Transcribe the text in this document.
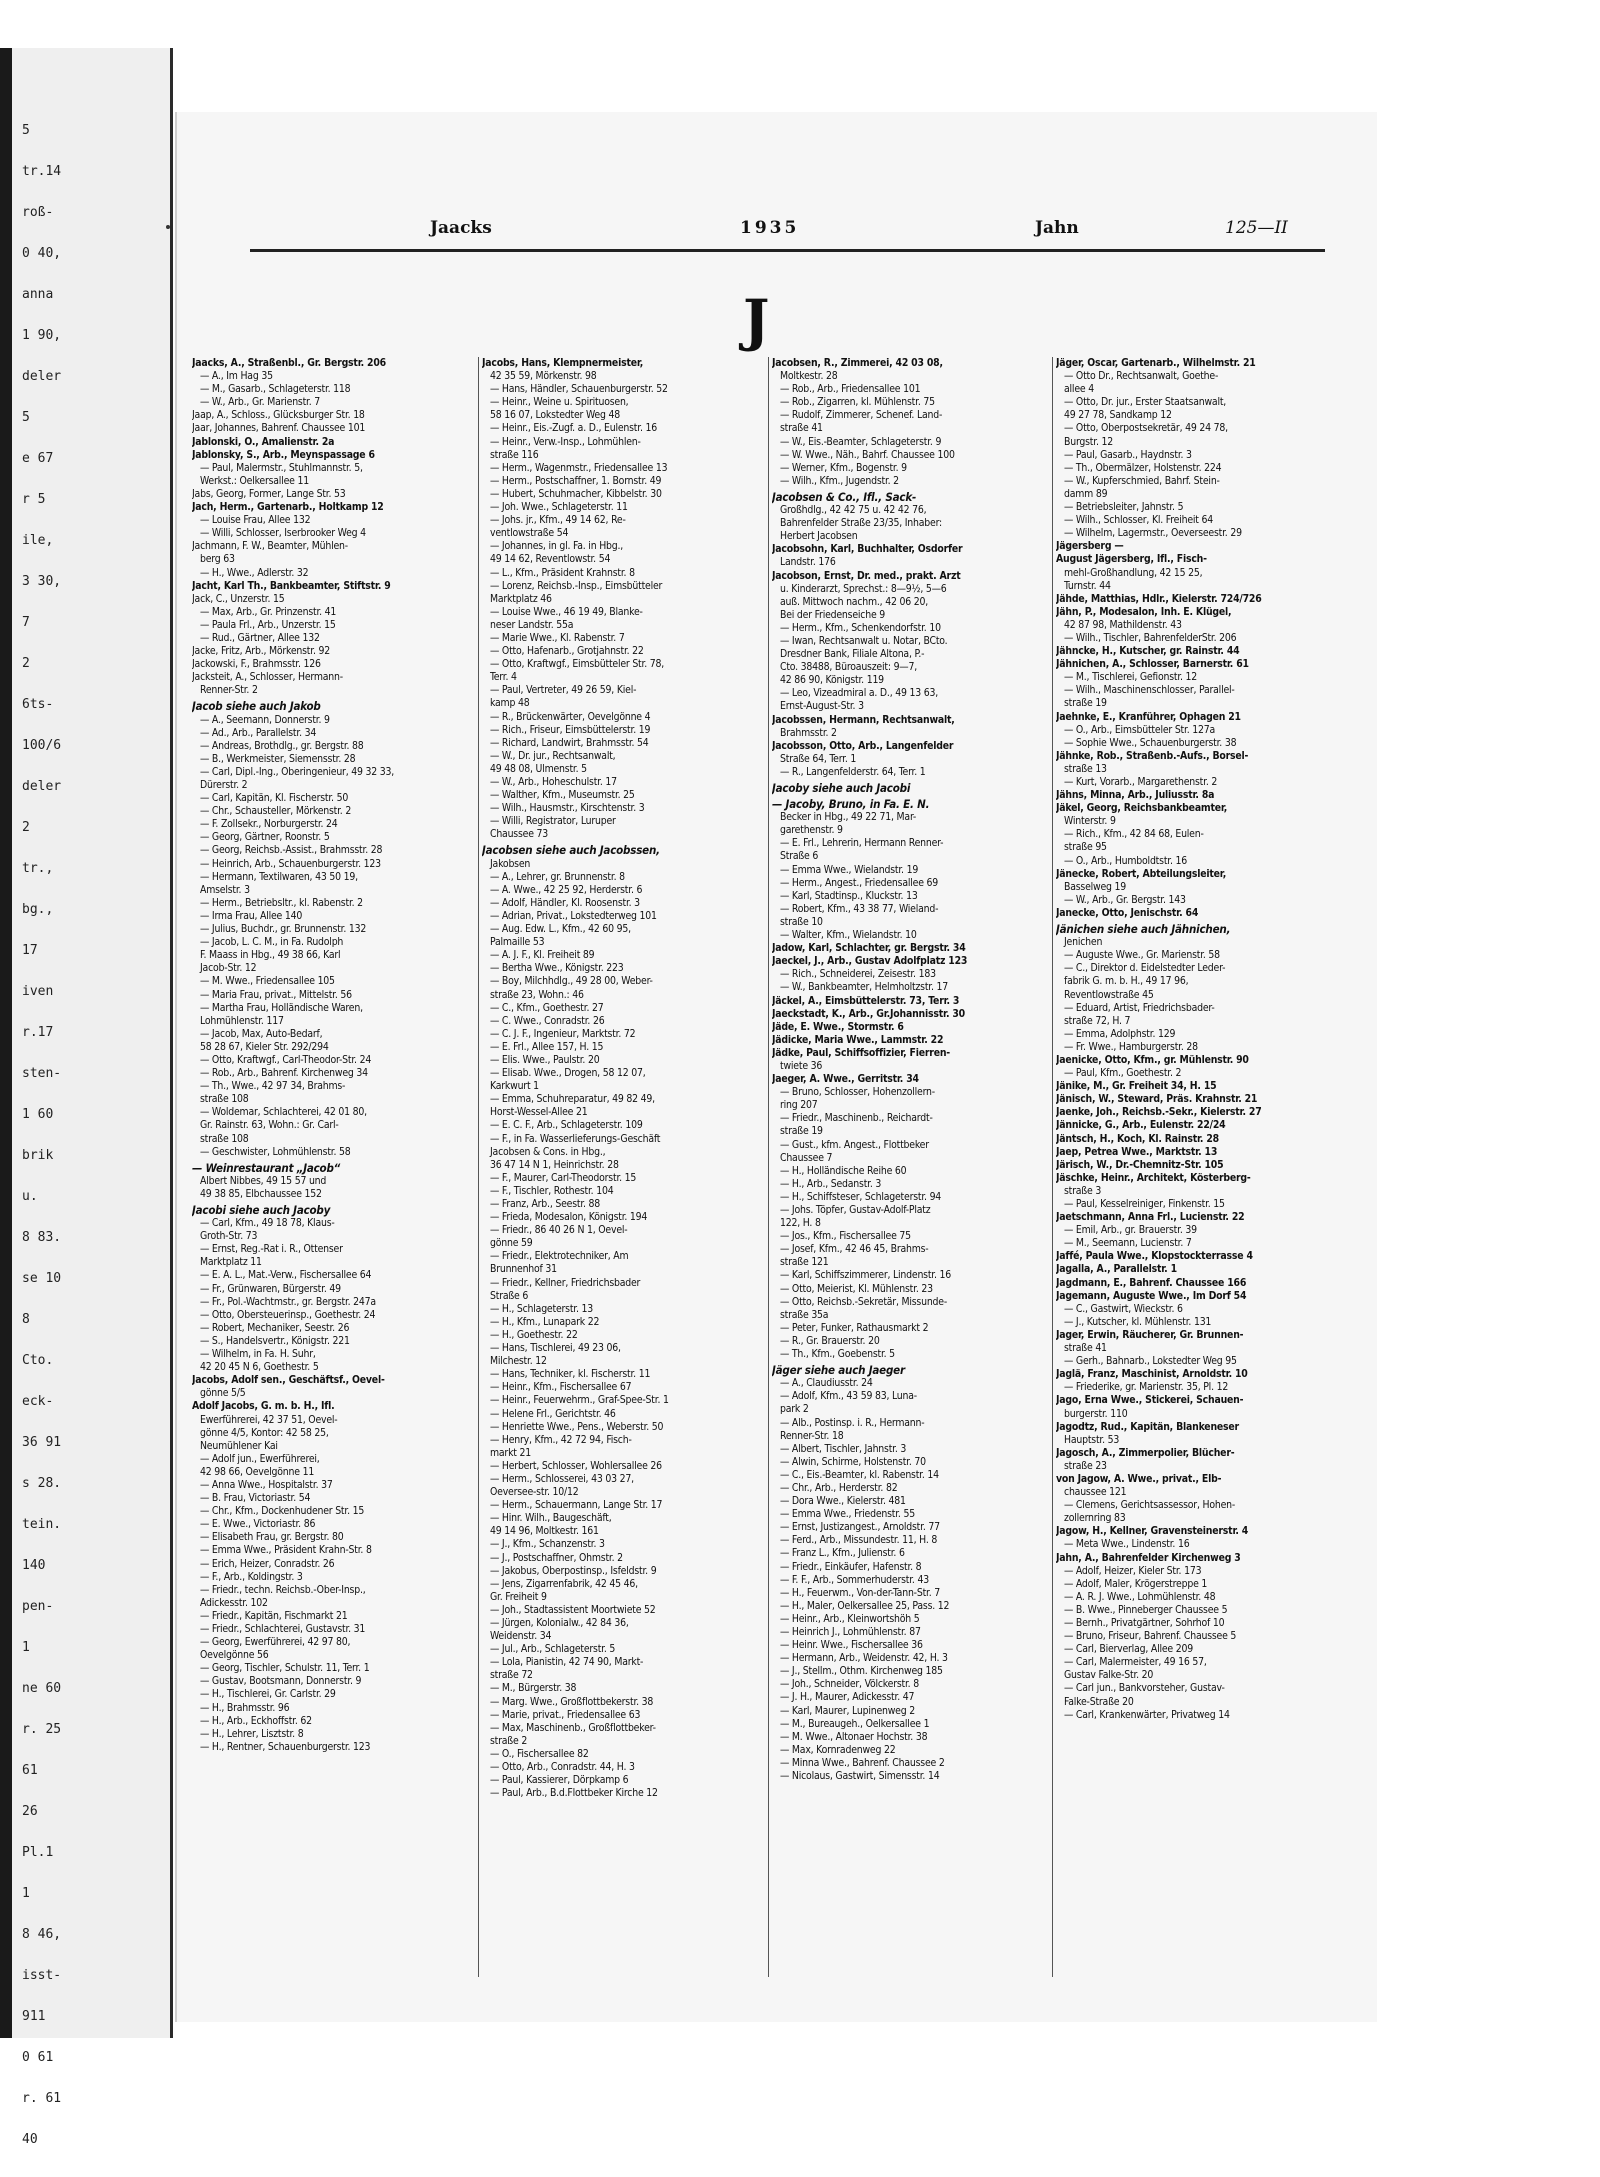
5
tr.14
roß-
0 40,
anna
1 90,
deler
5
e 67
r 5
ile,
3 30,
7
2
6ts-
100/6
deler
2
tr.,
bg.,
17
iven
r.17
sten-
1 60
brik
u.
8 83.
se 10
8
Cto.
eck-
36 91
s 28.
tein.
140
pen-
1
ne 60
r. 25
61
26
Pl.1
1
8 46,
isst-
911
0 61
r. 61
40
Jaacks	1935	Jahn	125—II
J
Jaacks, A., Straßenbl., Gr. Bergstr. 206
— A., Im Hag 35
— M., Gasarb., Schlageterstr. 118
— W., Arb., Gr. Marienstr. 7
Jaap, A., Schloss., Glücksburger Str. 18
Jaar, Johannes, Bahrenf. Chaussee 101
Jablonski, O., Amalienstr. 2a
Jablonsky, S., Arb., Meynspassage 6
— Paul, Malermstr., Stuhlmannstr. 5,
Werkst.: Oelkersallee 11
Jabs, Georg, Former, Lange Str. 53
Jach, Herm., Gartenarb., Holtkamp 12
— Louise Frau, Allee 132
— Willi, Schlosser, Iserbrooker Weg 4
Jachmann, F. W., Beamter, Mühlen-
berg 63
— H., Wwe., Adlerstr. 32
Jacht, Karl Th., Bankbeamter, Stiftstr. 9
Jack, C., Unzerstr. 15
— Max, Arb., Gr. Prinzenstr. 41
— Paula Frl., Arb., Unzerstr. 15
— Rud., Gärtner, Allee 132
Jacke, Fritz, Arb., Mörkenstr. 92
Jackowski, F., Brahmsstr. 126
Jacksteit, A., Schlosser, Hermann-
Renner-Str. 2
Jacob siehe auch Jakob
— A., Seemann, Donnerstr. 9
— Ad., Arb., Parallelstr. 34
— Andreas, Brothdlg., gr. Bergstr. 88
— B., Werkmeister, Siemensstr. 28
— Carl, Dipl.-Ing., Oberingenieur, 49 32 33,
Dürerstr. 2
— Carl, Kapitän, Kl. Fischerstr. 50
— Chr., Schausteller, Mörkenstr. 2
— F. Zollsekr., Norburgerstr. 24
— Georg, Gärtner, Roonstr. 5
— Georg, Reichsb.-Assist., Brahmsstr. 28
— Heinrich, Arb., Schauenburgerstr. 123
— Hermann, Textilwaren, 43 50 19,
Amselstr. 3
— Herm., Betriebsltr., kl. Rabenstr. 2
— Irma Frau, Allee 140
— Julius, Buchdr., gr. Brunnenstr. 132
— Jacob, L. C. M., in Fa. Rudolph
F. Maass in Hbg., 49 38 66, Karl
Jacob-Str. 12
— M. Wwe., Friedensallee 105
— Maria Frau, privat., Mittelstr. 56
— Martha Frau, Holländische Waren,
Lohmühlenstr. 117
— Jacob, Max, Auto-Bedarf,
58 28 67, Kieler Str. 292/294
— Otto, Kraftwgf., Carl-Theodor-Str. 24
— Rob., Arb., Bahrenf. Kirchenweg 34
— Th., Wwe., 42 97 34, Brahms-
straße 108
— Woldemar, Schlachterei, 42 01 80,
Gr. Rainstr. 63, Wohn.: Gr. Carl-
straße 108
— Geschwister, Lohmühlenstr. 58
— Weinrestaurant „Jacob“
Albert Nibbes, 49 15 57 und
49 38 85, Elbchaussee 152
Jacobi siehe auch Jacoby
— Carl, Kfm., 49 18 78, Klaus-
Groth-Str. 73
— Ernst, Reg.-Rat i. R., Ottenser
Marktplatz 11
— E. A. L., Mat.-Verw., Fischersallee 64
— Fr., Grünwaren, Bürgerstr. 49
— Fr., Pol.-Wachtmstr., gr. Bergstr. 247a
— Otto, Obersteuerinsp., Goethestr. 24
— Robert, Mechaniker, Seestr. 26
— S., Handelsvertr., Königstr. 221
— Wilhelm, in Fa. H. Suhr,
42 20 45 N 6, Goethestr. 5
Jacobs, Adolf sen., Geschäftsf., Oevel-
gönne 5/5
Adolf Jacobs, G. m. b. H., Ifl.
Ewerführerei, 42 37 51, Oevel-
gönne 4/5, Kontor: 42 58 25,
Neumühlener Kai
— Adolf jun., Ewerführerei,
42 98 66, Oevelgönne 11
— Anna Wwe., Hospitalstr. 37
— B. Frau, Victoriastr. 54
— Chr., Kfm., Dockenhudener Str. 15
— E. Wwe., Victoriastr. 86
— Elisabeth Frau, gr. Bergstr. 80
— Emma Wwe., Präsident Krahn-Str. 8
— Erich, Heizer, Conradstr. 26
— F., Arb., Koldingstr. 3
— Friedr., techn. Reichsb.-Ober-Insp.,
Adickesstr. 102
— Friedr., Kapitän, Fischmarkt 21
— Friedr., Schlachterei, Gustavstr. 31
— Georg, Ewerführerei, 42 97 80,
Oevelgönne 56
— Georg, Tischler, Schulstr. 11, Terr. 1
— Gustav, Bootsmann, Donnerstr. 9
— H., Tischlerei, Gr. Carlstr. 29
— H., Brahmsstr. 96
— H., Arb., Eckhoffstr. 62
— H., Lehrer, Lisztstr. 8
— H., Rentner, Schauenburgerstr. 123
Jacobs, Hans, Klempnermeister,
42 35 59, Mörkenstr. 98
— Hans, Händler, Schauenburgerstr. 52
— Heinr., Weine u. Spirituosen,
58 16 07, Lokstedter Weg 48
— Heinr., Eis.-Zugf. a. D., Eulenstr. 16
— Heinr., Verw.-Insp., Lohmühlen-
straße 116
— Herm., Wagenmstr., Friedensallee 13
— Herm., Postschaffner, 1. Bornstr. 49
— Hubert, Schuhmacher, Kibbelstr. 30
— Joh. Wwe., Schlageterstr. 11
— Johs. jr., Kfm., 49 14 62, Re-
ventlowstraße 54
— Johannes, in gl. Fa. in Hbg.,
49 14 62, Reventlowstr. 54
— L., Kfm., Präsident Krahnstr. 8
— Lorenz, Reichsb.-Insp., Eimsbütteler
Marktplatz 46
— Louise Wwe., 46 19 49, Blanke-
neser Landstr. 55a
— Marie Wwe., Kl. Rabenstr. 7
— Otto, Hafenarb., Grotjahnstr. 22
— Otto, Kraftwgf., Eimsbütteler Str. 78,
Terr. 4
— Paul, Vertreter, 49 26 59, Kiel-
kamp 48
— R., Brückenwärter, Oevelgönne 4
— Rich., Friseur, Eimsbüttelerstr. 19
— Richard, Landwirt, Brahmsstr. 54
— W., Dr. jur., Rechtsanwalt,
49 48 08, Ulmenstr. 5
— W., Arb., Hoheschulstr. 17
— Walther, Kfm., Museumstr. 25
— Wilh., Hausmstr., Kirschtenstr. 3
— Willi, Registrator, Luruper
Chaussee 73
Jacobsen siehe auch Jacobssen,
Jakobsen
— A., Lehrer, gr. Brunnenstr. 8
— A. Wwe., 42 25 92, Herderstr. 6
— Adolf, Händler, Kl. Roosenstr. 3
— Adrian, Privat., Lokstedterweg 101
— Aug. Edw. L., Kfm., 42 60 95,
Palmaille 53
— A. J. F., Kl. Freiheit 89
— Bertha Wwe., Königstr. 223
— Boy, Milchhdlg., 49 28 00, Weber-
straße 23, Wohn.: 46
— C., Kfm., Goethestr. 27
— C. Wwe., Conradstr. 26
— C. J. F., Ingenieur, Marktstr. 72
— E. Frl., Allee 157, H. 15
— Elis. Wwe., Paulstr. 20
— Elisab. Wwe., Drogen, 58 12 07,
Karkwurt 1
— Emma, Schuhreparatur, 49 82 49,
Horst-Wessel-Allee 21
— E. C. F., Arb., Schlageterstr. 109
— F., in Fa. Wasserlieferungs-Geschäft
Jacobsen & Cons. in Hbg.,
36 47 14 N 1, Heinrichstr. 28
— F., Maurer, Carl-Theodorstr. 15
— F., Tischler, Rothestr. 104
— Franz, Arb., Seestr. 88
— Frieda, Modesalon, Königstr. 194
— Friedr., 86 40 26 N 1, Oevel-
gönne 59
— Friedr., Elektrotechniker, Am
Brunnenhof 31
— Friedr., Kellner, Friedrichsbader
Straße 6
— H., Schlageterstr. 13
— H., Kfm., Lunapark 22
— H., Goethestr. 22
— Hans, Tischlerei, 49 23 06,
Milchestr. 12
— Hans, Techniker, kl. Fischerstr. 11
— Heinr., Kfm., Fischersallee 67
— Heinr., Feuerwehrm., Graf-Spee-Str. 1
— Helene Frl., Gerichtstr. 46
— Henriette Wwe., Pens., Weberstr. 50
— Henry, Kfm., 42 72 94, Fisch-
markt 21
— Herbert, Schlosser, Wohlersallee 26
— Herm., Schlosserei, 43 03 27,
Oeversee-str. 10/12
— Herm., Schauermann, Lange Str. 17
— Hinr. Wilh., Baugeschäft,
49 14 96, Moltkestr. 161
— J., Kfm., Schanzenstr. 3
— J., Postschaffner, Ohmstr. 2
— Jakobus, Oberpostinsp., Isfeldstr. 9
— Jens, Zigarrenfabrik, 42 45 46,
Gr. Freiheit 9
— Joh., Stadtassistent Moortwiete 52
— Jürgen, Kolonialw., 42 84 36,
Weidenstr. 34
— Jul., Arb., Schlageterstr. 5
— Lola, Pianistin, 42 74 90, Markt-
straße 72
— M., Bürgerstr. 38
— Marg. Wwe., Großflottbekerstr. 38
— Marie, privat., Friedensallee 63
— Max, Maschinenb., Großflottbeker-
straße 2
— O., Fischersallee 82
— Otto, Arb., Conradstr. 44, H. 3
— Paul, Kassierer, Dörpkamp 6
— Paul, Arb., B.d.Flottbeker Kirche 12
Jacobsen, R., Zimmerei, 42 03 08,
Moltkestr. 28
— Rob., Arb., Friedensallee 101
— Rob., Zigarren, kl. Mühlenstr. 75
— Rudolf, Zimmerer, Schenef. Land-
straße 41
— W., Eis.-Beamter, Schlageterstr. 9
— W. Wwe., Näh., Bahrf. Chaussee 100
— Werner, Kfm., Bogenstr. 9
— Wilh., Kfm., Jugendstr. 2
Jacobsen & Co., Ifl., Sack-
Großhdlg., 42 42 75 u. 42 42 76,
Bahrenfelder Straße 23/35, Inhaber:
Herbert Jacobsen
Jacobsohn, Karl, Buchhalter, Osdorfer
Landstr. 176
Jacobson, Ernst, Dr. med., prakt. Arzt
u. Kinderarzt, Sprechst.: 8—9½, 5—6
auß. Mittwoch nachm., 42 06 20,
Bei der Friedenseiche 9
— Herm., Kfm., Schenkendorfstr. 10
— Iwan, Rechtsanwalt u. Notar, BCto.
Dresdner Bank, Filiale Altona, P.-
Cto. 38488, Büroauszeit: 9—7,
42 86 90, Königstr. 119
— Leo, Vizeadmiral a. D., 49 13 63,
Ernst-August-Str. 3
Jacobssen, Hermann, Rechtsanwalt,
Brahmsstr. 2
Jacobsson, Otto, Arb., Langenfelder
Straße 64, Terr. 1
— R., Langenfelderstr. 64, Terr. 1
Jacoby siehe auch Jacobi
— Jacoby, Bruno, in Fa. E. N.
Becker in Hbg., 49 22 71, Mar-
garethenstr. 9
— E. Frl., Lehrerin, Hermann Renner-
Straße 6
— Emma Wwe., Wielandstr. 19
— Herm., Angest., Friedensallee 69
— Karl, Stadtinsp., Kluckstr. 13
— Robert, Kfm., 43 38 77, Wieland-
straße 10
— Walter, Kfm., Wielandstr. 10
Jadow, Karl, Schlachter, gr. Bergstr. 34
Jaeckel, J., Arb., Gustav Adolfplatz 123
— Rich., Schneiderei, Zeisestr. 183
— W., Bankbeamter, Helmholtzstr. 17
Jäckel, A., Eimsbüttelerstr. 73, Terr. 3
Jaeckstadt, K., Arb., Gr.Johannisstr. 30
Jäde, E. Wwe., Stormstr. 6
Jädicke, Maria Wwe., Lammstr. 22
Jädke, Paul, Schiffsoffizier, Fierren-
twiete 36
Jaeger, A. Wwe., Gerritstr. 34
— Bruno, Schlosser, Hohenzollern-
ring 207
— Friedr., Maschinenb., Reichardt-
straße 19
— Gust., kfm. Angest., Flottbeker
Chaussee 7
— H., Holländische Reihe 60
— H., Arb., Sedanstr. 3
— H., Schiffsteser, Schlageterstr. 94
— Johs. Töpfer, Gustav-Adolf-Platz
122, H. 8
— Jos., Kfm., Fischersallee 75
— Josef, Kfm., 42 46 45, Brahms-
straße 121
— Karl, Schiffszimmerer, Lindenstr. 16
— Otto, Meierist, Kl. Mühlenstr. 23
— Otto, Reichsb.-Sekretär, Missunde-
straße 35a
— Peter, Funker, Rathausmarkt 2
— R., Gr. Brauerstr. 20
— Th., Kfm., Goebenstr. 5
Jäger siehe auch Jaeger
— A., Claudiusstr. 24
— Adolf, Kfm., 43 59 83, Luna-
park 2
— Alb., Postinsp. i. R., Hermann-
Renner-Str. 18
— Albert, Tischler, Jahnstr. 3
— Alwin, Schirme, Holstenstr. 70
— C., Eis.-Beamter, kl. Rabenstr. 14
— Chr., Arb., Herderstr. 82
— Dora Wwe., Kielerstr. 481
— Emma Wwe., Friedenstr. 55
— Ernst, Justizangest., Arnoldstr. 77
— Ferd., Arb., Missundestr. 11, H. 8
— Franz L., Kfm., Julienstr. 6
— Friedr., Einkäufer, Hafenstr. 8
— F. F., Arb., Sommerhuderstr. 43
— H., Feuerwm., Von-der-Tann-Str. 7
— H., Maler, Oelkersallee 25, Pass. 12
— Heinr., Arb., Kleinwortshöh 5
— Heinrich J., Lohmühlenstr. 87
— Heinr. Wwe., Fischersallee 36
— Hermann, Arb., Weidenstr. 42, H. 3
— J., Stellm., Othm. Kirchenweg 185
— Joh., Schneider, Völckerstr. 8
— J. H., Maurer, Adickesstr. 47
— Karl, Maurer, Lupinenweg 2
— M., Bureaugeh., Oelkersallee 1
— M. Wwe., Altonaer Hochstr. 38
— Max, Kornradenweg 22
— Minna Wwe., Bahrenf. Chaussee 2
— Nicolaus, Gastwirt, Simensstr. 14
Jäger, Oscar, Gartenarb., Wilhelmstr. 21
— Otto Dr., Rechtsanwalt, Goethe-
allee 4
— Otto, Dr. jur., Erster Staatsanwalt,
49 27 78, Sandkamp 12
— Otto, Oberpostsekretär, 49 24 78,
Burgstr. 12
— Paul, Gasarb., Haydnstr. 3
— Th., Obermälzer, Holstenstr. 224
— W., Kupferschmied, Bahrf. Stein-
damm 89
— Betriebsleiter, Jahnstr. 5
— Wilh., Schlosser, Kl. Freiheit 64
— Wilhelm, Lagermstr., Oeverseestr. 29
Jägersberg —
August Jägersberg, Ifl., Fisch-
mehl-Großhandlung, 42 15 25,
Turnstr. 44
Jähde, Matthias, Hdlr., Kielerstr. 724/726
Jähn, P., Modesalon, Inh. E. Klügel,
42 87 98, Mathildenstr. 43
— Wilh., Tischler, BahrenfelderStr. 206
Jähncke, H., Kutscher, gr. Rainstr. 44
Jähnichen, A., Schlosser, Barnerstr. 61
— M., Tischlerei, Gefionstr. 12
— Wilh., Maschinenschlosser, Parallel-
straße 19
Jaehnke, E., Kranführer, Ophagen 21
— O., Arb., Eimsbütteler Str. 127a
— Sophie Wwe., Schauenburgerstr. 38
Jähnke, Rob., Straßenb.-Aufs., Borsel-
straße 13
— Kurt, Vorarb., Margarethenstr. 2
Jähns, Minna, Arb., Juliusstr. 8a
Jäkel, Georg, Reichsbankbeamter,
Winterstr. 9
— Rich., Kfm., 42 84 68, Eulen-
straße 95
— O., Arb., Humboldtstr. 16
Jänecke, Robert, Abteilungsleiter,
Basselweg 19
— W., Arb., Gr. Bergstr. 143
Janecke, Otto, Jenischstr. 64
Jänichen siehe auch Jähnichen,
Jenichen
— Auguste Wwe., Gr. Marienstr. 58
— C., Direktor d. Eidelstedter Leder-
fabrik G. m. b. H., 49 17 96,
Reventlowstraße 45
— Eduard, Artist, Friedrichsbader-
straße 72, H. 7
— Emma, Adolphstr. 129
— Fr. Wwe., Hamburgerstr. 28
Jaenicke, Otto, Kfm., gr. Mühlenstr. 90
— Paul, Kfm., Goethestr. 2
Jänike, M., Gr. Freiheit 34, H. 15
Jänisch, W., Steward, Präs. Krahnstr. 21
Jaenke, Joh., Reichsb.-Sekr., Kielerstr. 27
Jännicke, G., Arb., Eulenstr. 22/24
Jäntsch, H., Koch, Kl. Rainstr. 28
Jaep, Petrea Wwe., Marktstr. 13
Järisch, W., Dr.-Chemnitz-Str. 105
Jäschke, Heinr., Architekt, Kösterberg-
straße 3
— Paul, Kesselreiniger, Finkenstr. 15
Jaetschmann, Anna Frl., Lucienstr. 22
— Emil, Arb., gr. Brauerstr. 39
— M., Seemann, Lucienstr. 7
Jaffé, Paula Wwe., Klopstockterrasse 4
Jagalla, A., Parallelstr. 1
Jagdmann, E., Bahrenf. Chaussee 166
Jagemann, Auguste Wwe., Im Dorf 54
— C., Gastwirt, Wieckstr. 6
— J., Kutscher, kl. Mühlenstr. 131
Jager, Erwin, Räucherer, Gr. Brunnen-
straße 41
— Gerh., Bahnarb., Lokstedter Weg 95
Jaglä, Franz, Maschinist, Arnoldstr. 10
— Friederike, gr. Marienstr. 35, Pl. 12
Jago, Erna Wwe., Stickerei, Schauen-
burgerstr. 110
Jagodtz, Rud., Kapitän, Blankeneser
Hauptstr. 53
Jagosch, A., Zimmerpolier, Blücher-
straße 23
von Jagow, A. Wwe., privat., Elb-
chaussee 121
— Clemens, Gerichtsassessor, Hohen-
zollernring 83
Jagow, H., Kellner, Gravensteinerstr. 4
— Meta Wwe., Lindenstr. 16
Jahn, A., Bahrenfelder Kirchenweg 3
— Adolf, Heizer, Kieler Str. 173
— Adolf, Maler, Krögerstreppe 1
— A. R. J. Wwe., Lohmühlenstr. 48
— B. Wwe., Pinneberger Chaussee 5
— Bernh., Privatgärtner, Sohrhof 10
— Bruno, Friseur, Bahrenf. Chaussee 5
— Carl, Bierverlag, Allee 209
— Carl, Malermeister, 49 16 57,
Gustav Falke-Str. 20
— Carl jun., Bankvorsteher, Gustav-
Falke-Straße 20
— Carl, Krankenwärter, Privatweg 14
